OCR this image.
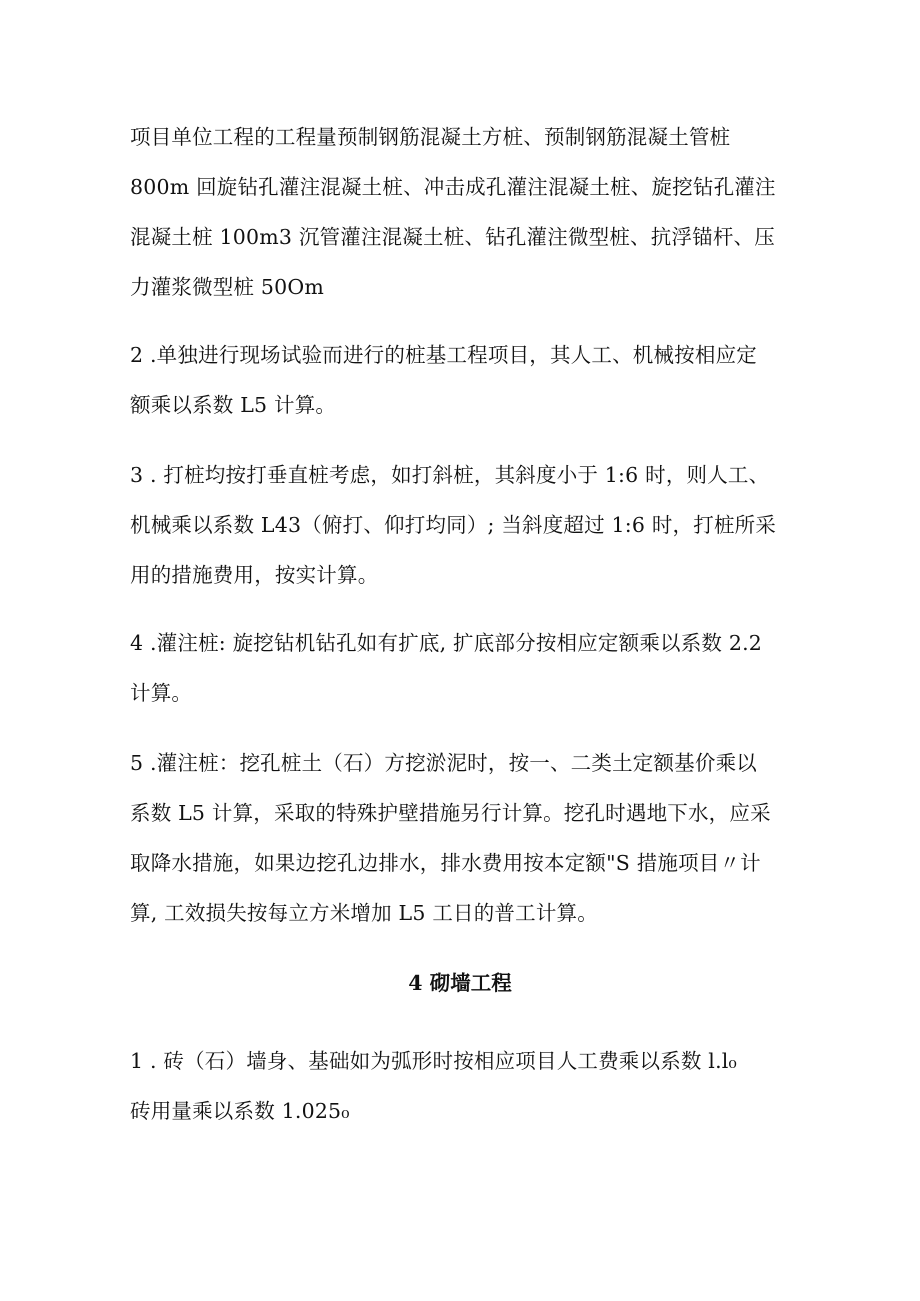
项目单位工程的工程量预制钢筋混凝土方桩、预制钢筋混凝土管桩
800m 回旋钻孔灌注混凝土桩、冲击成孔灌注混凝土桩、旋挖钻孔灌注
混凝土桩 100m3 沉管灌注混凝土桩、钻孔灌注微型桩、抗浮锚杆、压
力灌浆微型桩 50Om
2 .单独进行现场试验而进行的桩基工程项目，其人工、机械按相应定
额乘以系数 L5 计算。
3 . 打桩均按打垂直桩考虑，如打斜桩，其斜度小于 1:6 时，则人工、
机械乘以系数 L43（俯打、仰打均同）; 当斜度超过 1:6 时，打桩所采
用的措施费用，按实计算。
4 .灌注桩: 旋挖钻机钻孔如有扩底, 扩底部分按相应定额乘以系数 2.2
计算。
5 .灌注桩：挖孔桩土（石）方挖淤泥时，按一、二类土定额基价乘以
系数 L5 计算，采取的特殊护壁措施另行计算。挖孔时遇地下水，应采
取降水措施，如果边挖孔边排水，排水费用按本定额"S 措施项目〃计
算, 工效损失按每立方米增加 L5 工日的普工计算。
4 砌墙工程
1 . 砖（石）墙身、基础如为弧形时按相应项目人工费乘以系数 l.l₀
砖用量乘以系数 1.025₀
